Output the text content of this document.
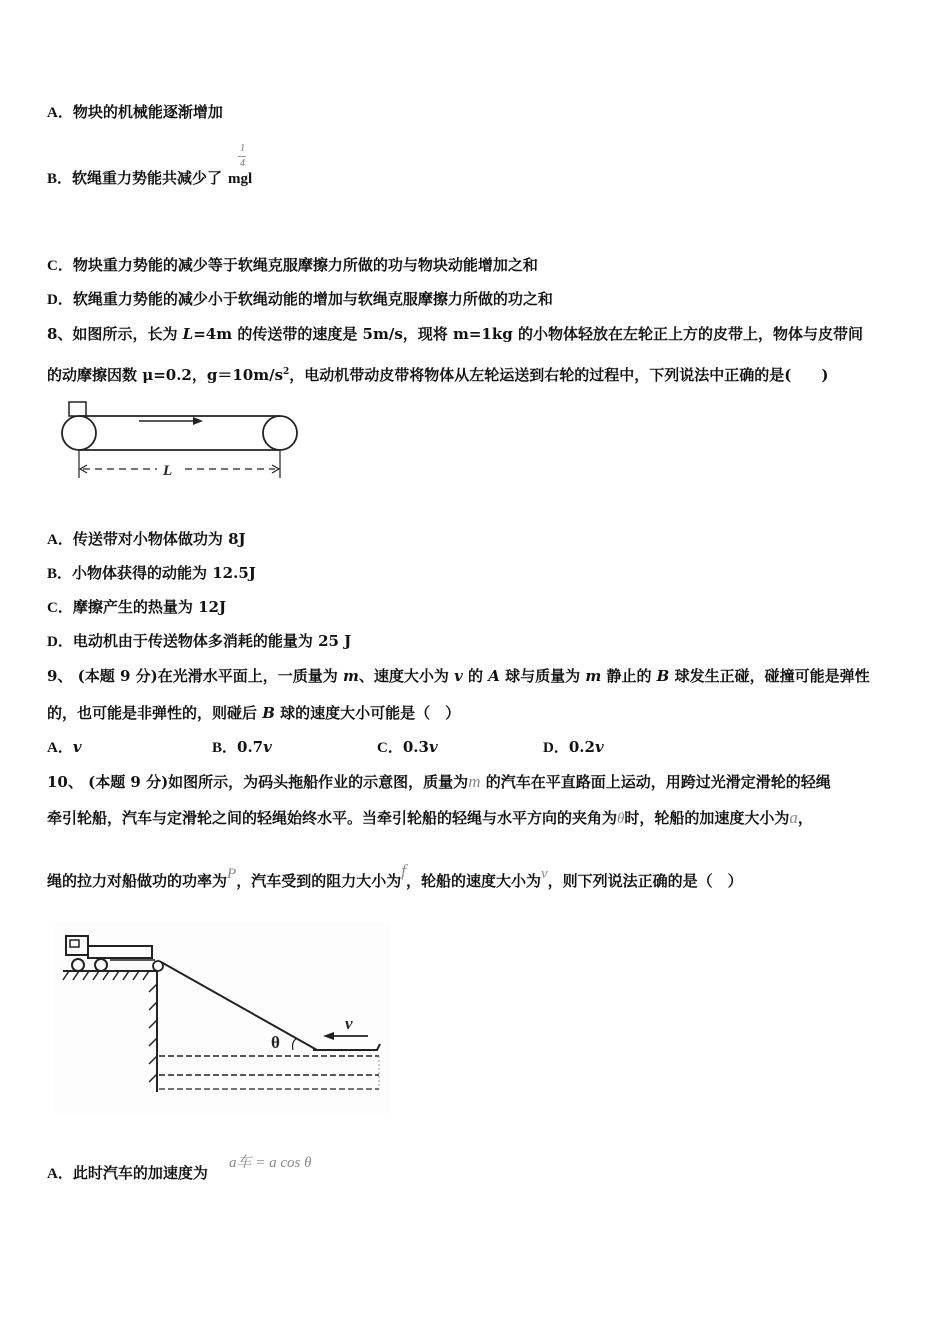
A．物块的机械能逐渐增加
B．软绳重力势能共减少了 mgl
1
4
C．物块重力势能的减少等于软绳克服摩擦力所做的功与物块动能增加之和
D．软绳重力势能的减少小于软绳动能的增加与软绳克服摩擦力所做的功之和
8、如图所示，长为 L=4m 的传送带的速度是 5m/s，现将 m=1kg 的小物体轻放在左轮正上方的皮带上，物体与皮带间
的动摩擦因数 μ=0.2，$g=10m/s^2$，电动机带动皮带将物体从左轮运送到右轮的过程中，下列说法中正确的是(　　)
L
A．传送带对小物体做功为 8J
B．小物体获得的动能为 12.5J
C．摩擦产生的热量为 12J
D．电动机由于传送物体多消耗的能量为 25 J
9、 (本题 9 分)在光滑水平面上，一质量为 m、速度大小为 v 的 A 球与质量为 m 静止的 B 球发生正碰，碰撞可能是弹性
的，也可能是非弹性的，则碰后 B 球的速度大小可能是（　）
A．v	B．0.7v	C．0.3v	D．0.2v
10、 (本题 9 分)如图所示，为码头拖船作业的示意图，质量为m 的汽车在平直路面上运动，用跨过光滑定滑轮的轻绳
牵引轮船，汽车与定滑轮之间的轻绳始终水平。当牵引轮船的轻绳与水平方向的夹角为θ时，轮船的加速度大小为a，
绳的拉力对船做功的功率为P，汽车受到的阻力大小为f，轮船的速度大小为v，则下列说法正确的是（　）
θ
v
A．此时汽车的加速度为
a车 = a cos θ
